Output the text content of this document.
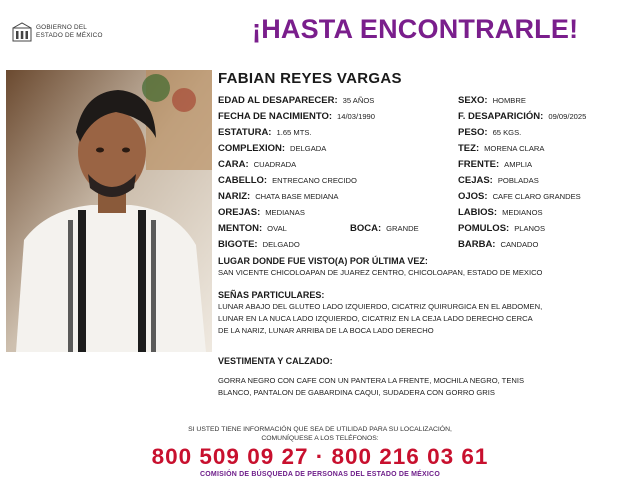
GOBIERNO DEL
ESTADO DE MÉXICO	¡HASTA ENCONTRARLE!
FABIAN REYES VARGAS
EDAD AL DESAPARECER: 35 AÑOS
FECHA DE NACIMIENTO: 14/03/1990
ESTATURA: 1.65 MTS.
COMPLEXION: DELGADA
CARA: CUADRADA
CABELLO: ENTRECANO CRECIDO
NARIZ: CHATA BASE MEDIANA
OREJAS: MEDIANAS
MENTON: OVAL	BOCA: GRANDE
BIGOTE: DELGADO
SEXO: HOMBRE
F. DESAPARICIÓN: 09/09/2025
PESO: 65 KGS.
TEZ: MORENA CLARA
FRENTE: AMPLIA
CEJAS: POBLADAS
OJOS: CAFE CLARO GRANDES
LABIOS: MEDIANOS
POMULOS: PLANOS
BARBA: CANDADO
LUGAR DONDE FUE VISTO(A) POR ÚLTIMA VEZ:
SAN VICENTE CHICOLOAPAN DE JUAREZ CENTRO, CHICOLOAPAN, ESTADO DE MEXICO
SEÑAS PARTICULARES:
LUNAR ABAJO DEL GLUTEO LADO IZQUIERDO, CICATRIZ QUIRURGICA EN EL ABDOMEN,
LUNAR EN LA NUCA LADO IZQUIERDO, CICATRIZ EN LA CEJA LADO DERECHO CERCA
DE LA NARIZ, LUNAR ARRIBA DE LA BOCA LADO DERECHO
VESTIMENTA Y CALZADO:
GORRA NEGRO CON CAFE CON UN PANTERA LA FRENTE, MOCHILA NEGRO, TENIS
BLANCO, PANTALON DE GABARDINA CAQUI, SUDADERA CON GORRO GRIS
SI USTED TIENE INFORMACIÓN QUE SEA DE UTILIDAD PARA SU LOCALIZACIÓN,
COMUNÍQUESE A LOS TELÉFONOS:
800 509 09 27 · 800 216 03 61
COMISIÓN DE BÚSQUEDA DE PERSONAS DEL ESTADO DE MÉXICO
